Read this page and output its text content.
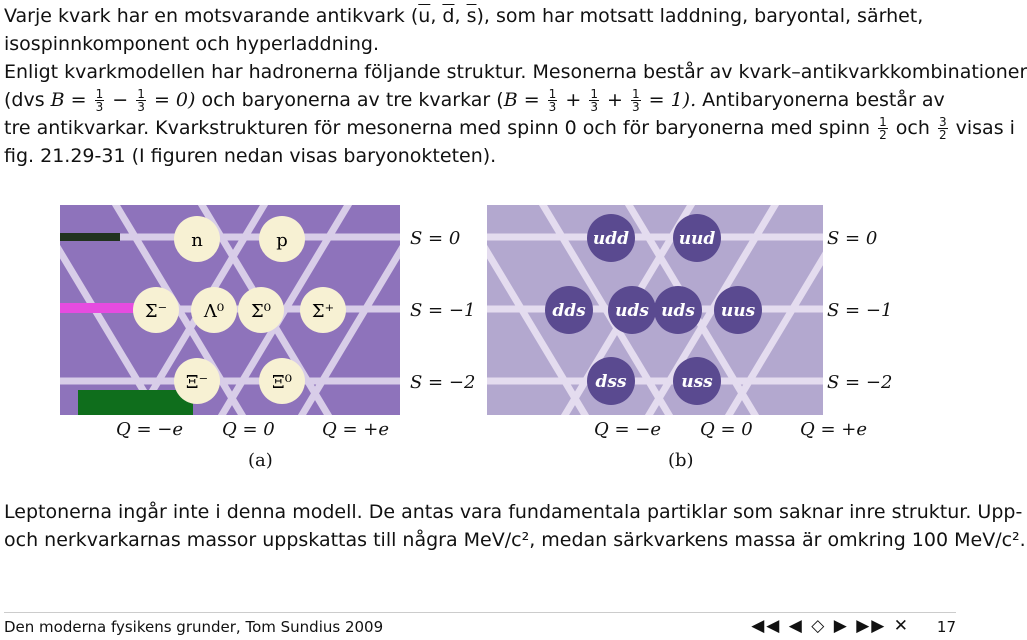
Varje kvark har en motsvarande antikvark ($\overline{u}$, $\overline{d}$, $\overline{s}$), som har motsatt laddning, baryontal, särhet,
isospinnkomponent och hyperladdning.

Enligt kvarkmodellen har hadronerna följande struktur. Mesonerna består av kvark–antikvarkkombinationer
(dvs $B = \frac{1}{3} - \frac{1}{3} = 0$) och baryonerna av tre kvarkar $(B = \frac{1}{3} + \frac{1}{3} + \frac{1}{3} = 1)$. Antibaryonerna består av
tre antikvarkar. Kvarkstrukturen för mesonerna med spinn 0 och för baryonerna med spinn $\frac{1}{2}$ och $\frac{3}{2}$ visas i
fig. 21.29-31 (I figuren nedan visas baryonokteten).

n	p
Σ⁻ Λ⁰ Σ⁰ Σ⁺
Ξ⁻	Ξ⁰
S = 0
S = −1
S = −2
Q = −e Q = 0	Q = +e
(a)
udd	uud
dds uds uds uus
dss	uss
S = 0
S = −1
S = −2
Q = −e Q = 0	Q = +e
(b)

Leptonerna ingår inte i denna modell. De antas vara fundamentala partiklar som saknar inre struktur. Upp-
och nerkvarkarnas massor uppskattas till några MeV/c², medan särkvarkens massa är omkring 100 MeV/c².

Den moderna fysikens grunder, Tom Sundius 2009	◀◀ ◀ ◇ ▶ ▶▶ ✕ 17
